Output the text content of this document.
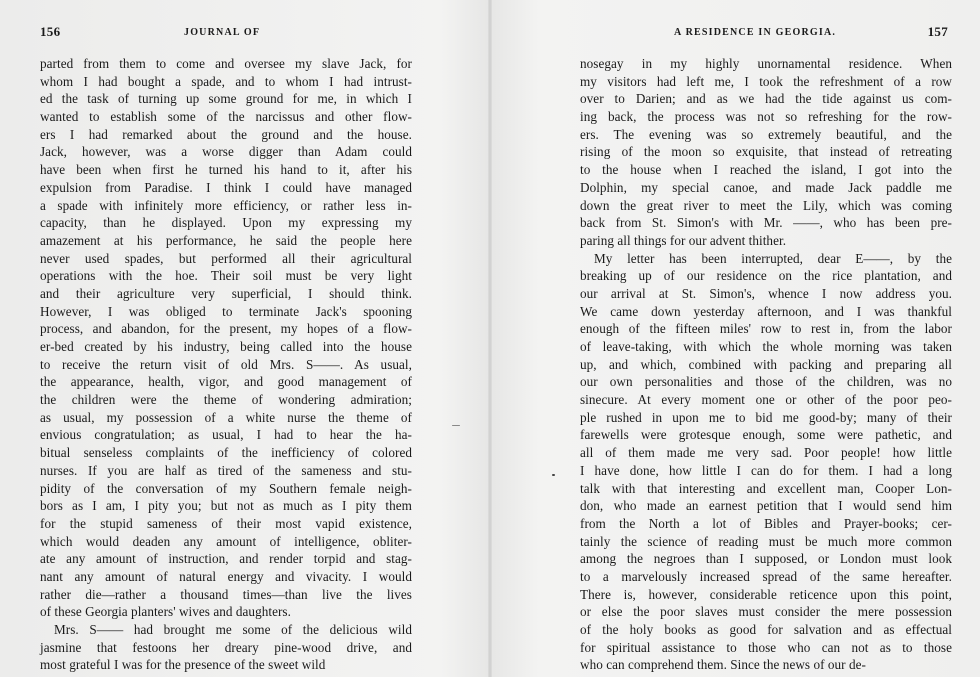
156	JOURNAL OF
parted from them to come and oversee my slave Jack, for
whom I had bought a spade, and to whom I had intrust-
ed the task of turning up some ground for me, in which I
wanted to establish some of the narcissus and other flow-
ers I had remarked about the ground and the house.
Jack, however, was a worse digger than Adam could
have been when first he turned his hand to it, after his
expulsion from Paradise. I think I could have managed
a spade with infinitely more efficiency, or rather less in-
capacity, than he displayed. Upon my expressing my
amazement at his performance, he said the people here
never used spades, but performed all their agricultural
operations with the hoe. Their soil must be very light
and their agriculture very superficial, I should think.
However, I was obliged to terminate Jack's spooning
process, and abandon, for the present, my hopes of a flow-
er-bed created by his industry, being called into the house
to receive the return visit of old Mrs. S——. As usual,
the appearance, health, vigor, and good management of
the children were the theme of wondering admiration;
as usual, my possession of a white nurse the theme of
envious congratulation; as usual, I had to hear the ha-
bitual senseless complaints of the inefficiency of colored
nurses. If you are half as tired of the sameness and stu-
pidity of the conversation of my Southern female neigh-
bors as I am, I pity you; but not as much as I pity them
for the stupid sameness of their most vapid existence,
which would deaden any amount of intelligence, obliter-
ate any amount of instruction, and render torpid and stag-
nant any amount of natural energy and vivacity. I would
rather die—rather a thousand times—than live the lives
of these Georgia planters' wives and daughters.
Mrs. S—— had brought me some of the delicious wild
jasmine that festoons her dreary pine-wood drive, and
most grateful I was for the presence of the sweet wild
A RESIDENCE IN GEORGIA.	157
nosegay in my highly unornamental residence. When
my visitors had left me, I took the refreshment of a row
over to Darien; and as we had the tide against us com-
ing back, the process was not so refreshing for the row-
ers. The evening was so extremely beautiful, and the
rising of the moon so exquisite, that instead of retreating
to the house when I reached the island, I got into the
Dolphin, my special canoe, and made Jack paddle me
down the great river to meet the Lily, which was coming
back from St. Simon's with Mr. ——, who has been pre-
paring all things for our advent thither.
My letter has been interrupted, dear E——, by the
breaking up of our residence on the rice plantation, and
our arrival at St. Simon's, whence I now address you.
We came down yesterday afternoon, and I was thankful
enough of the fifteen miles' row to rest in, from the labor
of leave-taking, with which the whole morning was taken
up, and which, combined with packing and preparing all
our own personalities and those of the children, was no
sinecure. At every moment one or other of the poor peo-
ple rushed in upon me to bid me good-by; many of their
farewells were grotesque enough, some were pathetic, and
all of them made me very sad. Poor people! how little
I have done, how little I can do for them. I had a long
talk with that interesting and excellent man, Cooper Lon-
don, who made an earnest petition that I would send him
from the North a lot of Bibles and Prayer-books; cer-
tainly the science of reading must be much more common
among the negroes than I supposed, or London must look
to a marvelously increased spread of the same hereafter.
There is, however, considerable reticence upon this point,
or else the poor slaves must consider the mere possession
of the holy books as good for salvation and as effectual
for spiritual assistance to those who can not as to those
who can comprehend them. Since the news of our de-
